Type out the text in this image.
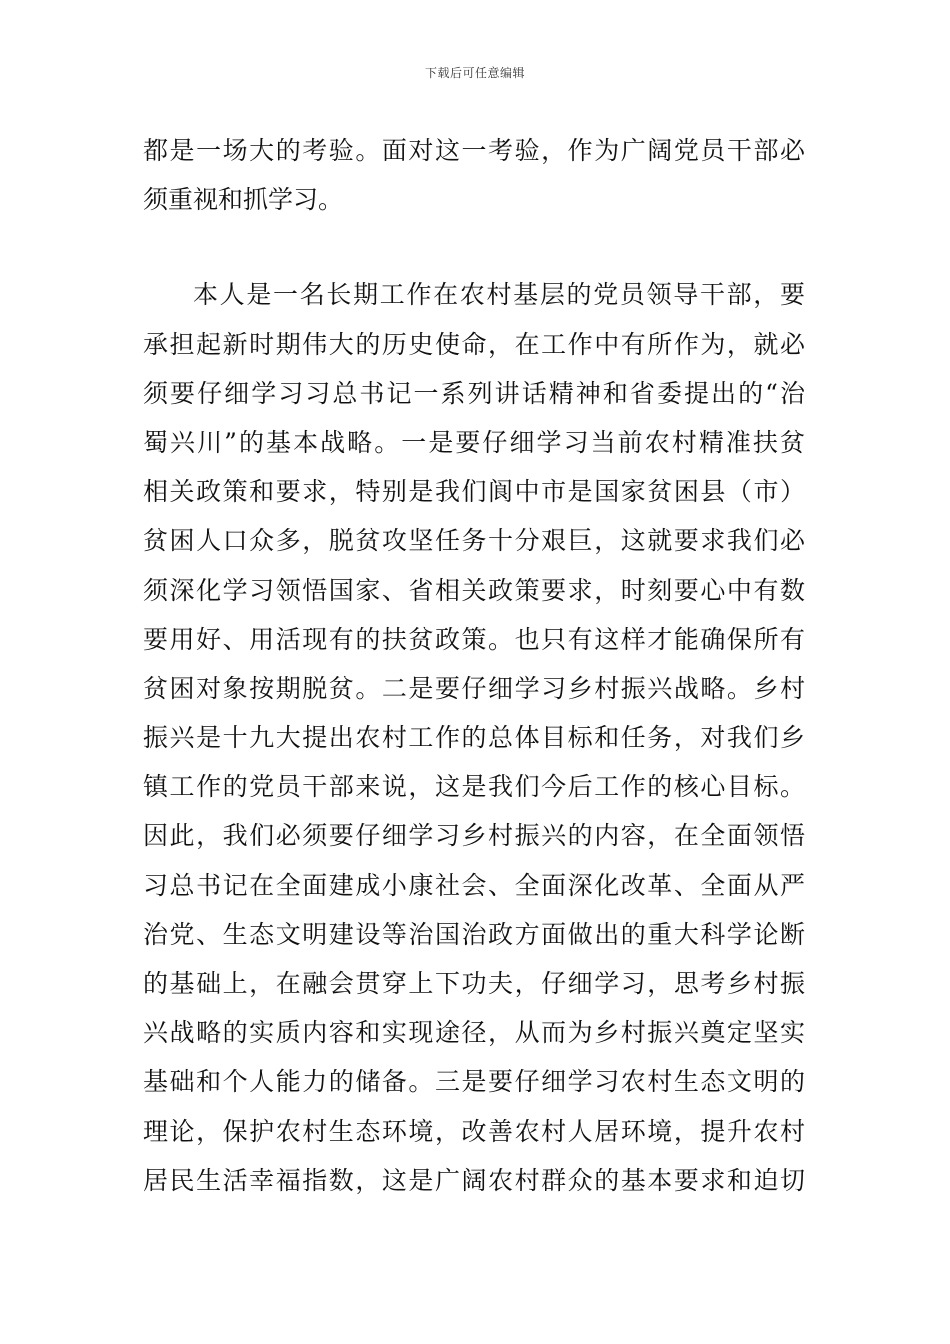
下载后可任意编辑
都是一场大的考验。面对这一考验，作为广阔党员干部必
须重视和抓学习。
本人是一名长期工作在农村基层的党员领导干部，要
承担起新时期伟大的历史使命，在工作中有所作为，就必
须要仔细学习习总书记一系列讲话精神和省委提出的“治
蜀兴川”的基本战略。一是要仔细学习当前农村精准扶贫
相关政策和要求，特别是我们阆中市是国家贫困县（市）
贫困人口众多，脱贫攻坚任务十分艰巨，这就要求我们必
须深化学习领悟国家、省相关政策要求，时刻要心中有数
要用好、用活现有的扶贫政策。也只有这样才能确保所有
贫困对象按期脱贫。二是要仔细学习乡村振兴战略。乡村
振兴是十九大提出农村工作的总体目标和任务，对我们乡
镇工作的党员干部来说，这是我们今后工作的核心目标。
因此，我们必须要仔细学习乡村振兴的内容，在全面领悟
习总书记在全面建成小康社会、全面深化改革、全面从严
治党、生态文明建设等治国治政方面做出的重大科学论断
的基础上，在融会贯穿上下功夫，仔细学习，思考乡村振
兴战略的实质内容和实现途径，从而为乡村振兴奠定坚实
基础和个人能力的储备。三是要仔细学习农村生态文明的
理论，保护农村生态环境，改善农村人居环境，提升农村
居民生活幸福指数，这是广阔农村群众的基本要求和迫切
